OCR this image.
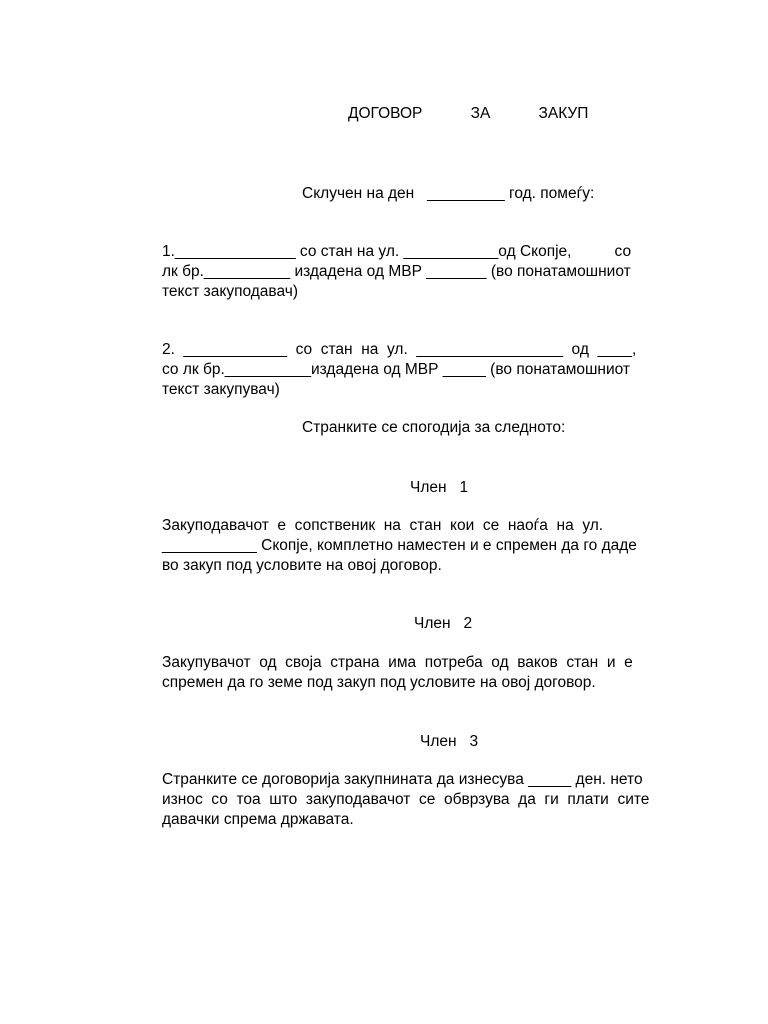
ДОГОВОР    ЗА    ЗАКУП
Склучен на ден   _________ год. помеѓу:
1.______________ со стан на ул. ___________од Скопје,          со
лк бр.__________ издадена од МВР _______ (во понатамошниот
текст закуподавач)
2.  ____________  со  стан  на  ул.  _________________  од  ____,
со лк бр.__________издадена од МВР _____ (во понатамошниот
текст закупувач)
Странките се спогодија за следното:
Член   1
Закуподавачот  е  сопственик  на  стан  кои  се  наоѓа  на  ул.
___________ Скопје, комплетно наместен и е спремен да го даде
во закуп под условите на овој договор.
Член   2
Закупувачот  од  своја  страна  има  потреба  од  ваков  стан  и  е
спремен да го земе под закуп под условите на овој договор.
Член   3
Странките се договорија закупнината да изнесува _____ ден. нето
износ  со  тоа  што  закуподавачот  се  обврзува  да  ги  плати  сите
давачки спрема државата.
